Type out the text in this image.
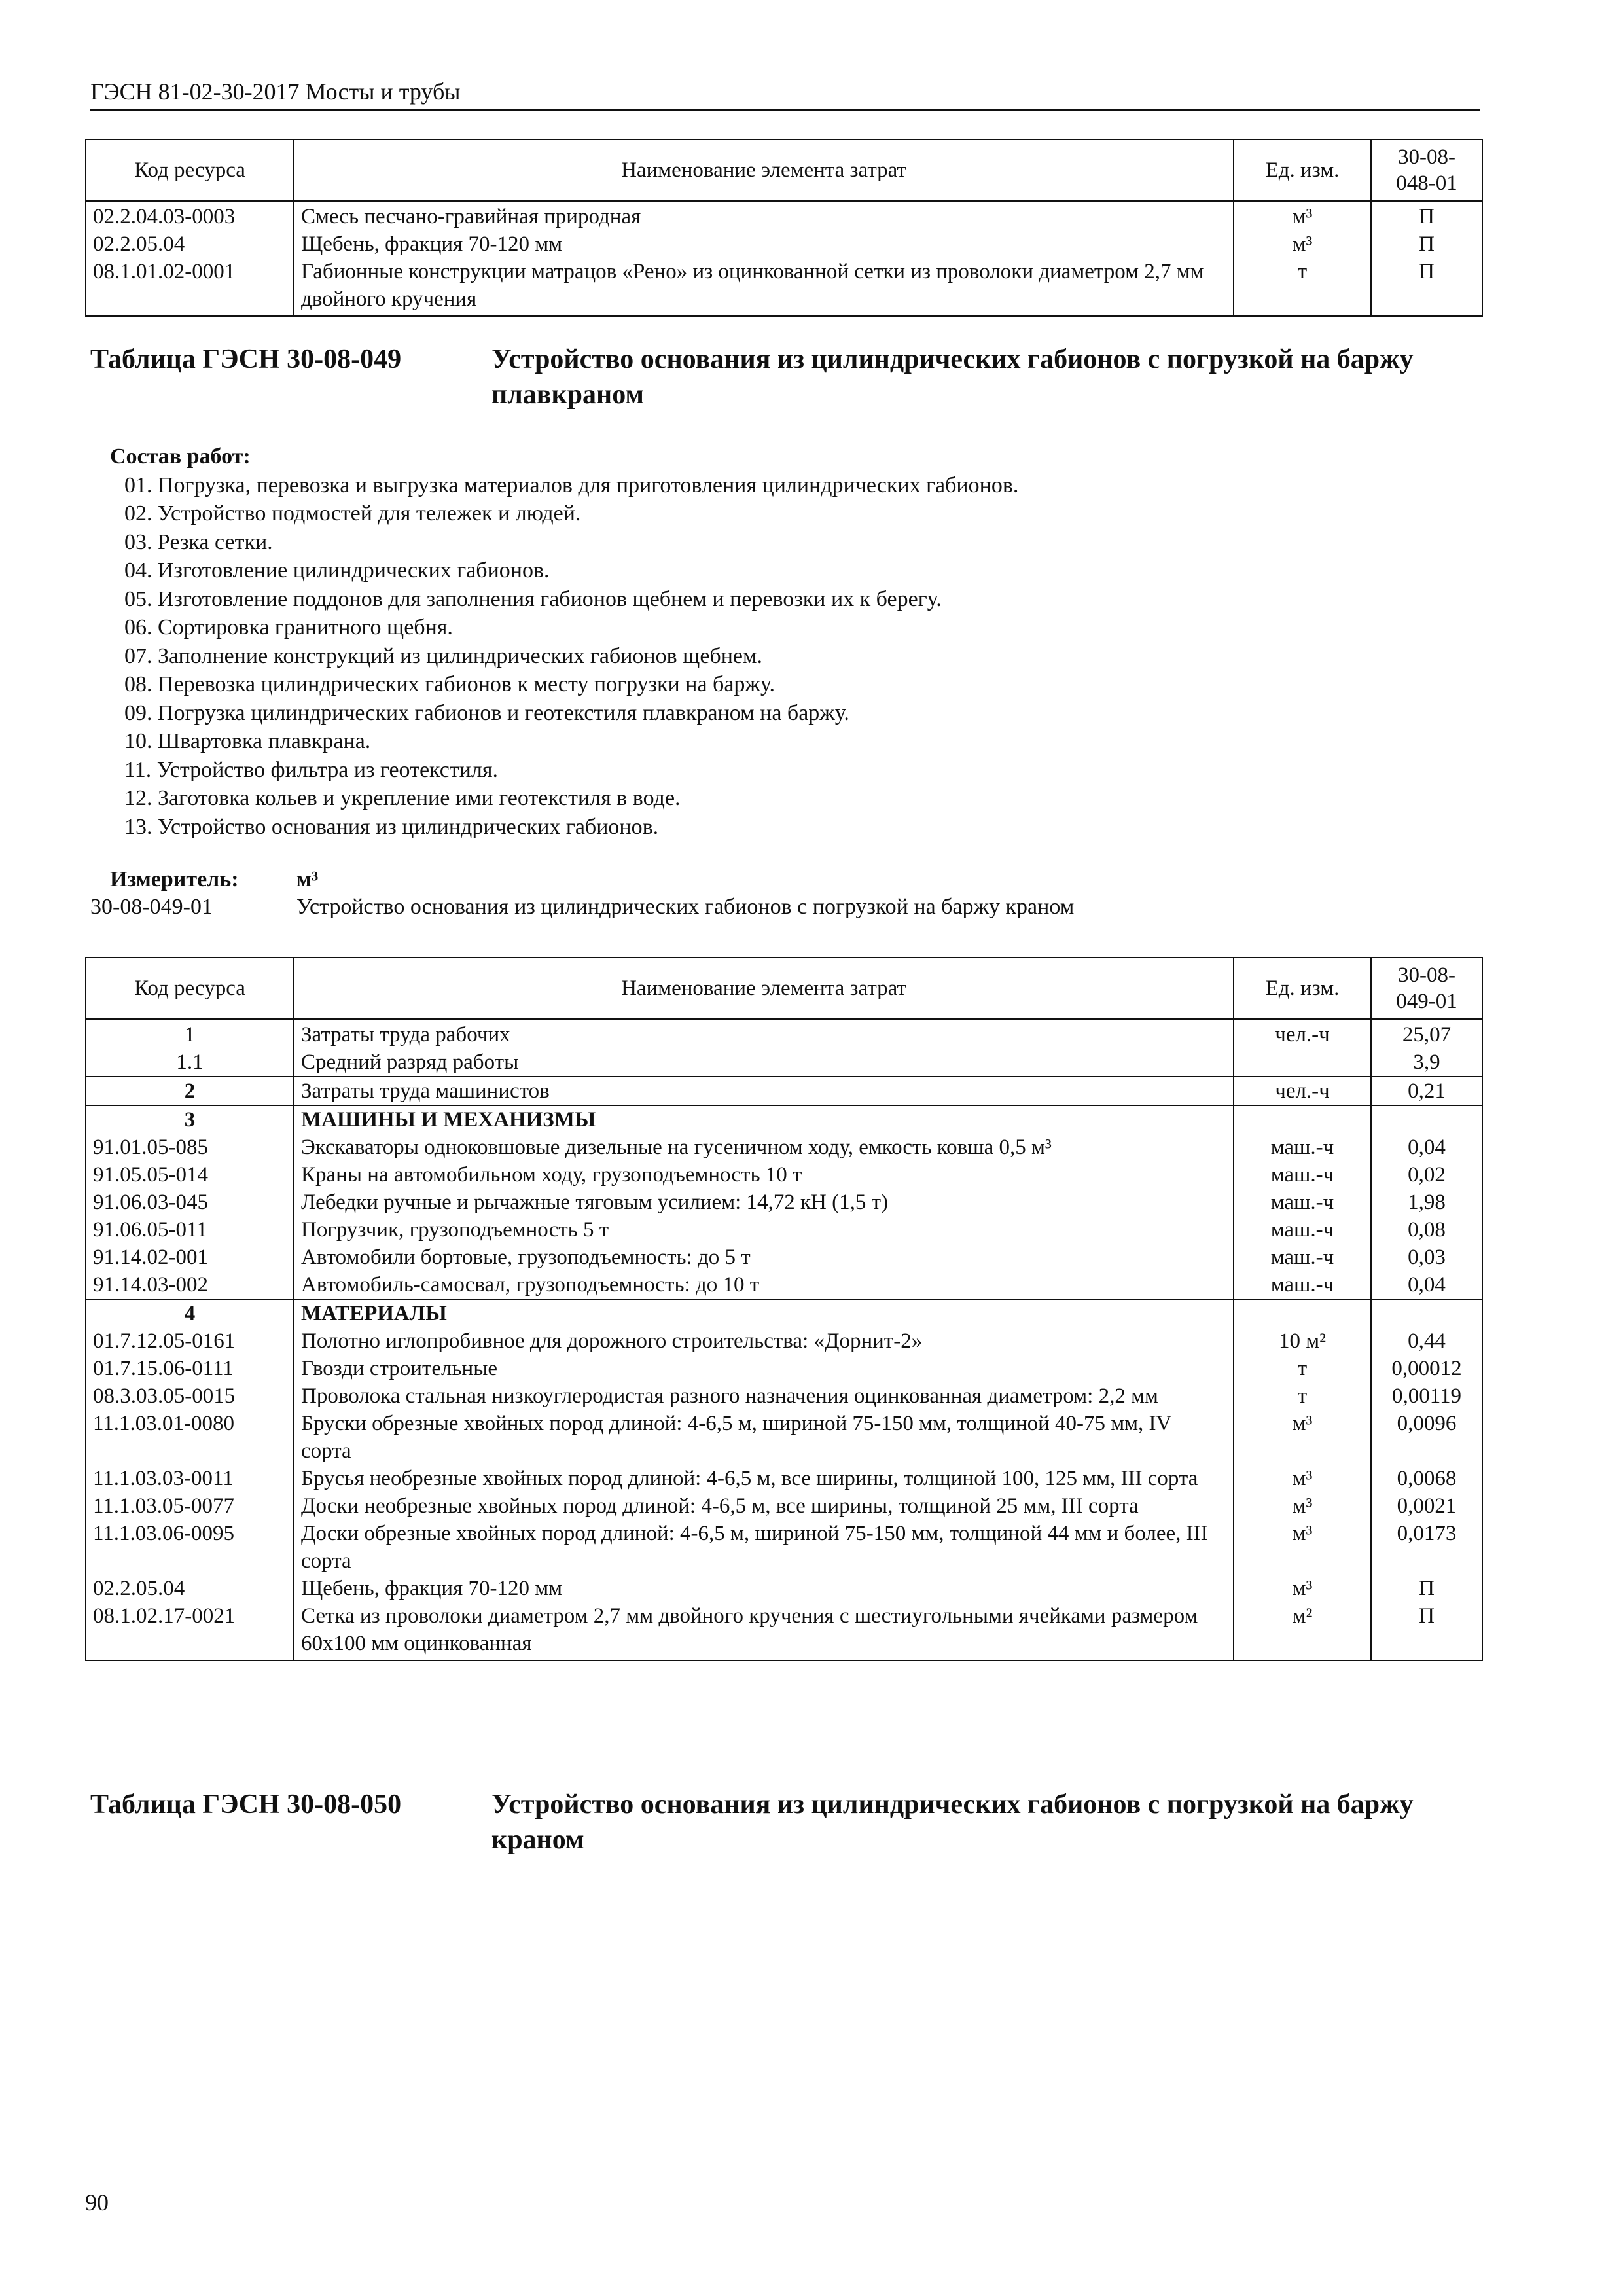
ГЭСН 81-02-30-2017 Мосты и трубы
Код ресурса	Наименование элемента затрат	Ед. изм.	30-08-
048-01
02.2.04.03-0003	Смесь песчано-гравийная природная	м³	П
02.2.05.04	Щебень, фракция 70-120 мм	м³	П
08.1.01.02-0001	Габионные конструкции матрацов «Рено» из оцинкованной сетки из проволоки диаметром 2,7 мм двойного кручения	т	П
Таблица ГЭСН 30-08-049	Устройство основания из цилиндрических габионов с погрузкой на баржу плавкраном
Состав работ:
01. Погрузка, перевозка и выгрузка материалов для приготовления цилиндрических габионов.
02. Устройство подмостей для тележек и людей.
03. Резка сетки.
04. Изготовление цилиндрических габионов.
05. Изготовление поддонов для заполнения габионов щебнем и перевозки их к берегу.
06. Сортировка гранитного щебня.
07. Заполнение конструкций из цилиндрических габионов щебнем.
08. Перевозка цилиндрических габионов к месту погрузки на баржу.
09. Погрузка цилиндрических габионов и геотекстиля плавкраном на баржу.
10. Швартовка плавкрана.
11. Устройство фильтра из геотекстиля.
12. Заготовка кольев и укрепление ими геотекстиля в воде.
13. Устройство основания из цилиндрических габионов.
Измеритель:	м³
30-08-049-01	Устройство основания из цилиндрических габионов с погрузкой на баржу краном
Код ресурса	Наименование элемента затрат	Ед. изм.	30-08-
049-01
1	Затраты труда рабочих	чел.-ч	25,07
1.1	Средний разряд работы		3,9
2	Затраты труда машинистов	чел.-ч	0,21
3	МАШИНЫ И МЕХАНИЗМЫ		
91.01.05-085	Экскаваторы одноковшовые дизельные на гусеничном ходу, емкость ковша 0,5 м³	маш.-ч	0,04
91.05.05-014	Краны на автомобильном ходу, грузоподъемность 10 т	маш.-ч	0,02
91.06.03-045	Лебедки ручные и рычажные тяговым усилием: 14,72 кН (1,5 т)	маш.-ч	1,98
91.06.05-011	Погрузчик, грузоподъемность 5 т	маш.-ч	0,08
91.14.02-001	Автомобили бортовые, грузоподъемность: до 5 т	маш.-ч	0,03
91.14.03-002	Автомобиль-самосвал, грузоподъемность: до 10 т	маш.-ч	0,04
4	МАТЕРИАЛЫ		
01.7.12.05-0161	Полотно иглопробивное для дорожного строительства: «Дорнит-2»	10 м²	0,44
01.7.15.06-0111	Гвозди строительные	т	0,00012
08.3.03.05-0015	Проволока стальная низкоуглеродистая разного назначения оцинкованная диаметром: 2,2 мм	т	0,00119
11.1.03.01-0080	Бруски обрезные хвойных пород длиной: 4-6,5 м, шириной 75-150 мм, толщиной 40-75 мм, IV сорта	м³	0,0096
11.1.03.03-0011	Брусья необрезные хвойных пород длиной: 4-6,5 м, все ширины, толщиной 100, 125 мм, III сорта	м³	0,0068
11.1.03.05-0077	Доски необрезные хвойных пород длиной: 4-6,5 м, все ширины, толщиной 25 мм, III сорта	м³	0,0021
11.1.03.06-0095	Доски обрезные хвойных пород длиной: 4-6,5 м, шириной 75-150 мм, толщиной 44 мм и более, III сорта	м³	0,0173
02.2.05.04	Щебень, фракция 70-120 мм	м³	П
08.1.02.17-0021	Сетка из проволоки диаметром 2,7 мм двойного кручения с шестиугольными ячейками размером 60х100 мм оцинкованная	м²	П
Таблица ГЭСН 30-08-050	Устройство основания из цилиндрических габионов с погрузкой на баржу краном
90
